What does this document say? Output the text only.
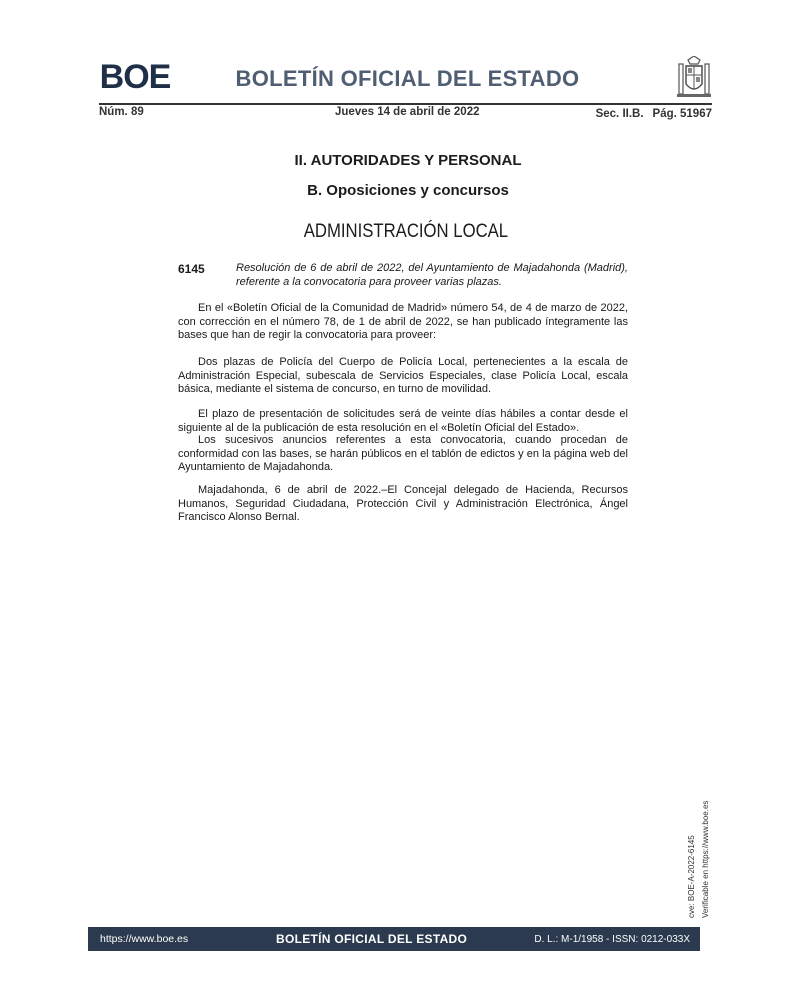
BOE	BOLETÍN OFICIAL DEL ESTADO
Núm. 89	Jueves 14 de abril de 2022	Sec. II.B. Pág. 51967
II. AUTORIDADES Y PERSONAL
B. Oposiciones y concursos
ADMINISTRACIÓN LOCAL
6145	Resolución de 6 de abril de 2022, del Ayuntamiento de Majadahonda (Madrid), referente a la convocatoria para proveer varias plazas.

En el «Boletín Oficial de la Comunidad de Madrid» número 54, de 4 de marzo de 2022, con corrección en el número 78, de 1 de abril de 2022, se han publicado íntegramente las bases que han de regir la convocatoria para proveer:

Dos plazas de Policía del Cuerpo de Policía Local, pertenecientes a la escala de Administración Especial, subescala de Servicios Especiales, clase Policía Local, escala básica, mediante el sistema de concurso, en turno de movilidad.

El plazo de presentación de solicitudes será de veinte días hábiles a contar desde el siguiente al de la publicación de esta resolución en el «Boletín Oficial del Estado».

Los sucesivos anuncios referentes a esta convocatoria, cuando procedan de conformidad con las bases, se harán públicos en el tablón de edictos y en la página web del Ayuntamiento de Majadahonda.

Majadahonda, 6 de abril de 2022.–El Concejal delegado de Hacienda, Recursos Humanos, Seguridad Ciudadana, Protección Civil y Administración Electrónica, Ángel Francisco Alonso Bernal.

cve: BOE-A-2022-6145 Verificable en https://www.boe.es
https://www.boe.es	BOLETÍN OFICIAL DEL ESTADO	D. L.: M-1/1958 - ISSN: 0212-033X
